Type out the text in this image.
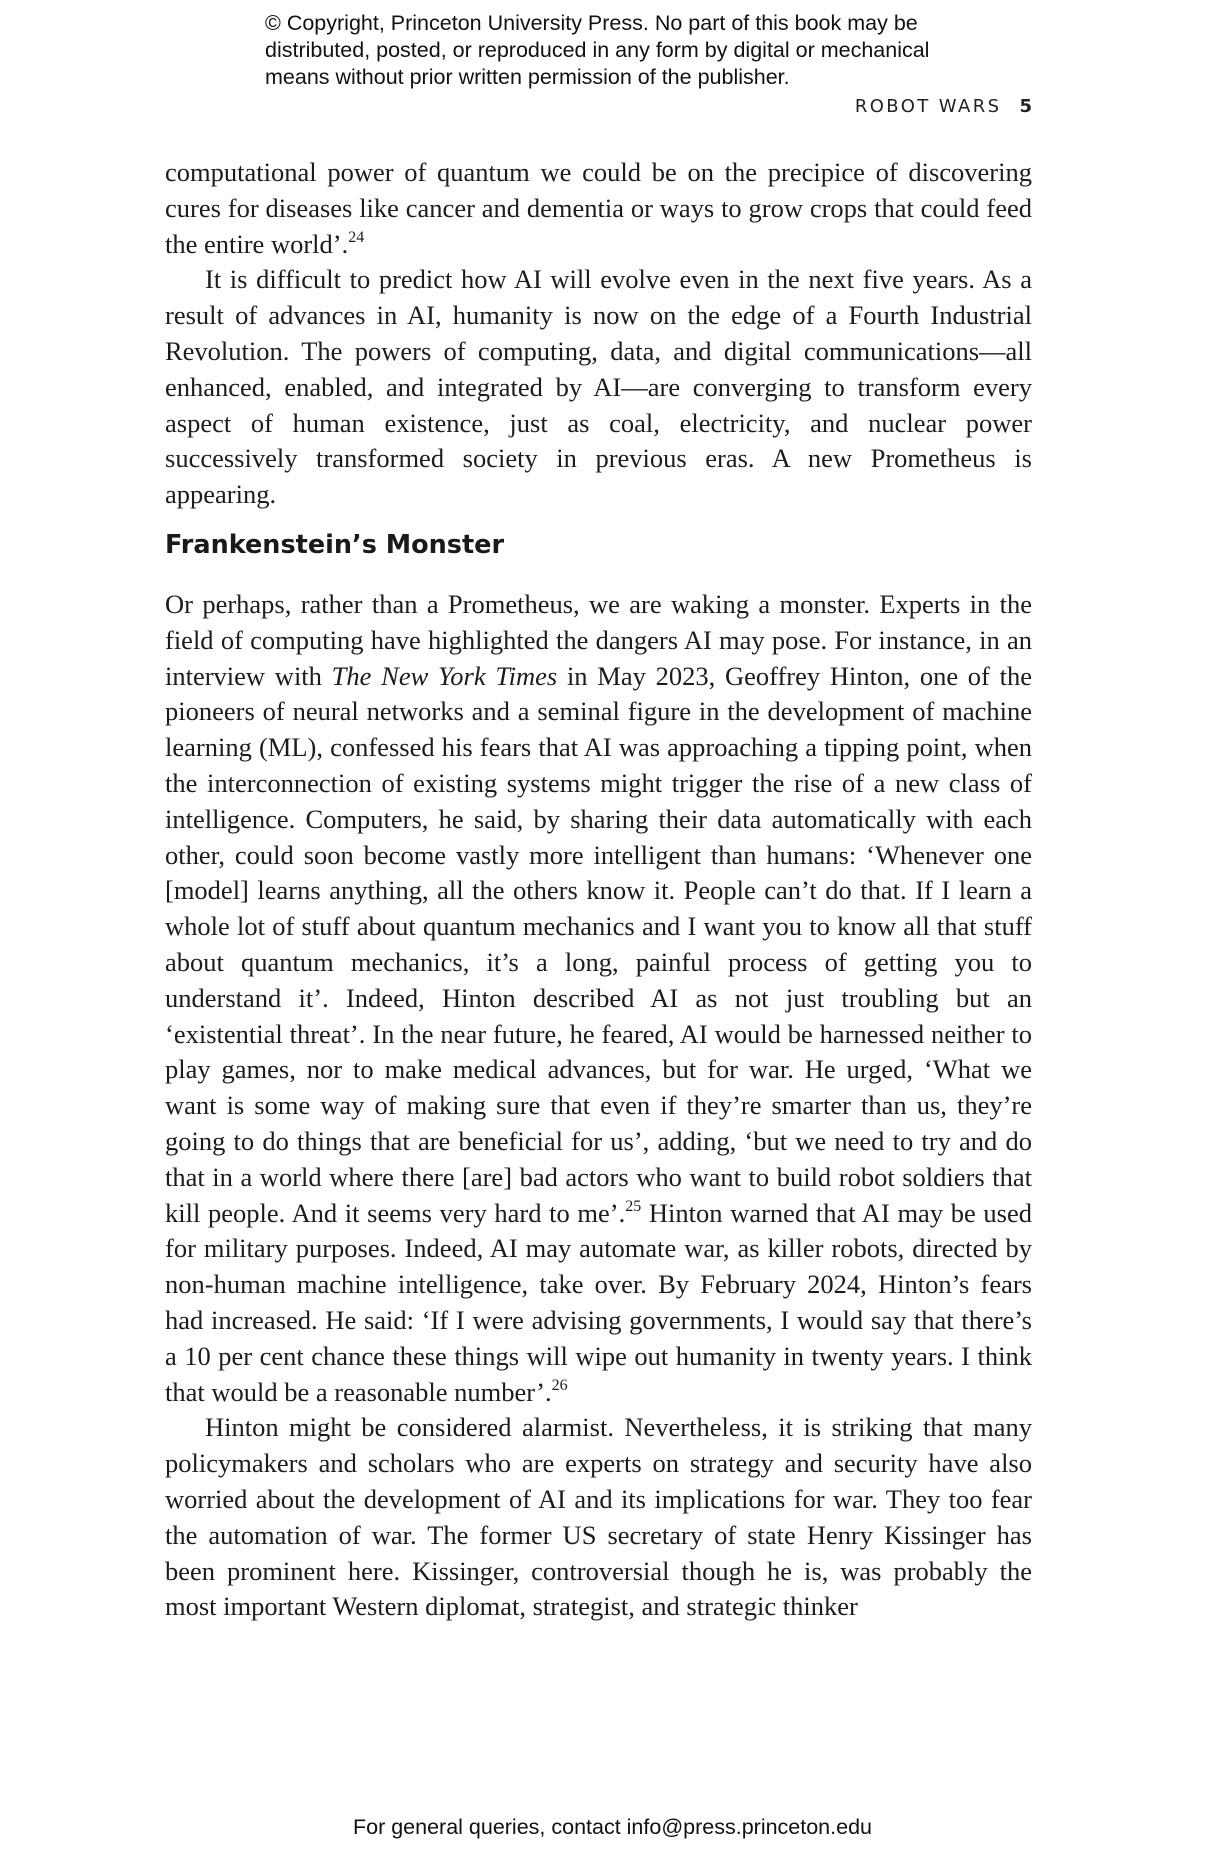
© Copyright, Princeton University Press. No part of this book may be

distributed, posted, or reproduced in any form by digital or mechanical

means without prior written permission of the publisher.

ROBOT WARS 5

computational power of quantum we could be on the precipice of discovering cures for diseases like cancer and dementia or ways to grow crops that could feed the entire world’.$^{24}$

It is difficult to predict how AI will evolve even in the next five years. As a result of advances in AI, humanity is now on the edge of a Fourth Industrial Revolution. The powers of computing, data, and digital communications—all enhanced, enabled, and integrated by AI—are converging to transform every aspect of human existence, just as coal, electricity, and nuclear power successively transformed society in previous eras. A new Prometheus is appearing.

Frankenstein’s Monster

Or perhaps, rather than a Prometheus, we are waking a monster. Experts in the field of computing have highlighted the dangers AI may pose. For instance, in an interview with The New York Times in May 2023, Geoffrey Hinton, one of the pioneers of neural networks and a seminal figure in the development of machine learning (ML), confessed his fears that AI was approaching a tipping point, when the interconnection of existing systems might trigger the rise of a new class of intelligence. Computers, he said, by sharing their data automatically with each other, could soon become vastly more intelligent than humans: ‘Whenever one [model] learns anything, all the others know it. People can’t do that. If I learn a whole lot of stuff about quantum mechanics and I want you to know all that stuff about quantum mechanics, it’s a long, painful process of getting you to understand it’. Indeed, Hinton described AI as not just troubling but an ‘existential threat’. In the near future, he feared, AI would be harnessed neither to play games, nor to make medical advances, but for war. He urged, ‘What we want is some way of making sure that even if they’re smarter than us, they’re going to do things that are beneficial for us’, adding, ‘but we need to try and do that in a world where there [are] bad actors who want to build robot soldiers that kill people. And it seems very hard to me’.$^{25}$ Hinton warned that AI may be used for military purposes. Indeed, AI may automate war, as killer robots, directed by non-human machine intelligence, take over. By February 2024, Hinton’s fears had increased. He said: ‘If I were advising governments, I would say that there’s a 10 per cent chance these things will wipe out humanity in twenty years. I think that would be a reasonable number’.$^{26}$

Hinton might be considered alarmist. Nevertheless, it is striking that many policymakers and scholars who are experts on strategy and security have also worried about the development of AI and its implications for war. They too fear the automation of war. The former US secretary of state Henry Kissinger has been prominent here. Kissinger, controversial though he is, was probably the most important Western diplomat, strategist, and strategic thinker

For general queries, contact info@press.princeton.edu
